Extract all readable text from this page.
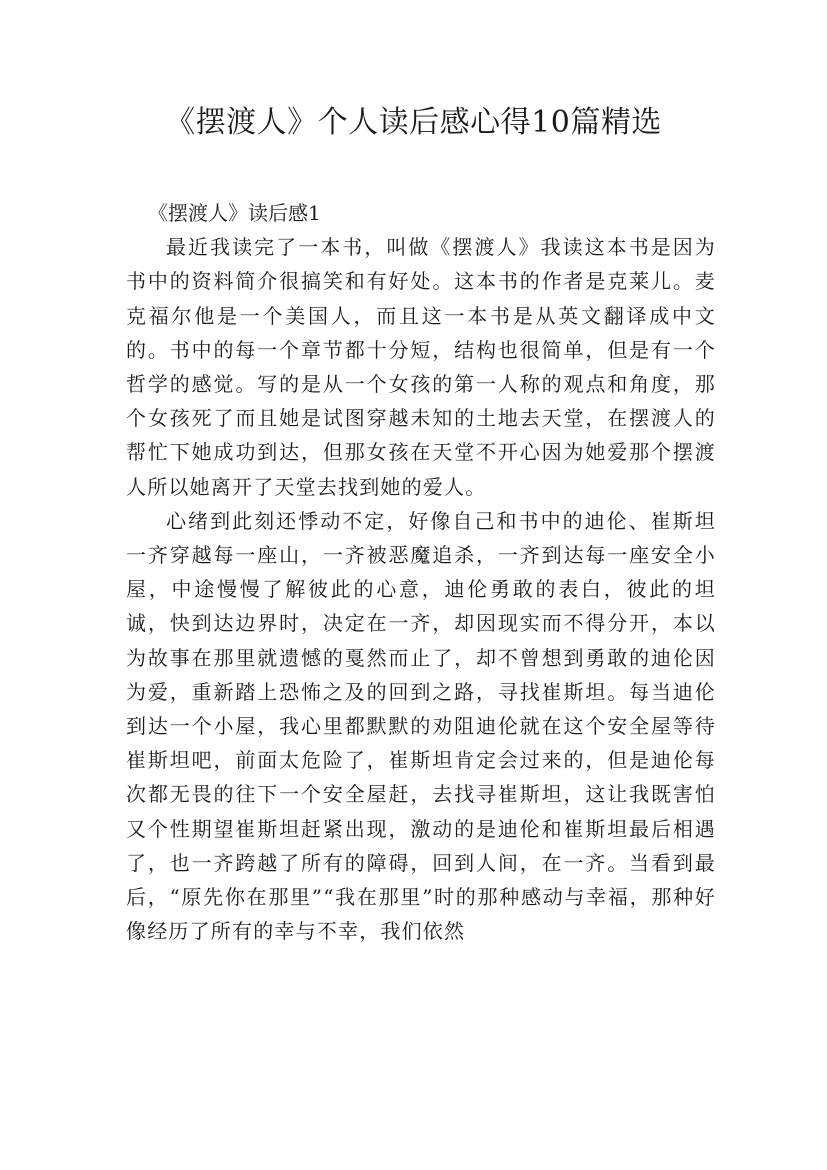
《摆渡人》个人读后感心得10篇精选

《摆渡人》读后感1

最近我读完了一本书，叫做《摆渡人》我读这本书是因为书中的资料简介很搞笑和有好处。这本书的作者是克莱儿。麦克福尔他是一个美国人，而且这一本书是从英文翻译成中文的。书中的每一个章节都十分短，结构也很简单，但是有一个哲学的感觉。写的是从一个女孩的第一人称的观点和角度，那个女孩死了而且她是试图穿越未知的土地去天堂，在摆渡人的帮忙下她成功到达，但那女孩在天堂不开心因为她爱那个摆渡人所以她离开了天堂去找到她的爱人。

心绪到此刻还悸动不定，好像自己和书中的迪伦、崔斯坦一齐穿越每一座山，一齐被恶魔追杀，一齐到达每一座安全小屋，中途慢慢了解彼此的心意，迪伦勇敢的表白，彼此的坦诚，快到达边界时，决定在一齐，却因现实而不得分开，本以为故事在那里就遗憾的戛然而止了，却不曾想到勇敢的迪伦因为爱，重新踏上恐怖之及的回到之路，寻找崔斯坦。每当迪伦到达一个小屋，我心里都默默的劝阻迪伦就在这个安全屋等待崔斯坦吧，前面太危险了，崔斯坦肯定会过来的，但是迪伦每次都无畏的往下一个安全屋赶，去找寻崔斯坦，这让我既害怕又个性期望崔斯坦赶紧出现，激动的是迪伦和崔斯坦最后相遇了，也一齐跨越了所有的障碍，回到人间，在一齐。当看到最后，“原先你在那里”“我在那里”时的那种感动与幸福，那种好像经历了所有的幸与不幸，我们依然
